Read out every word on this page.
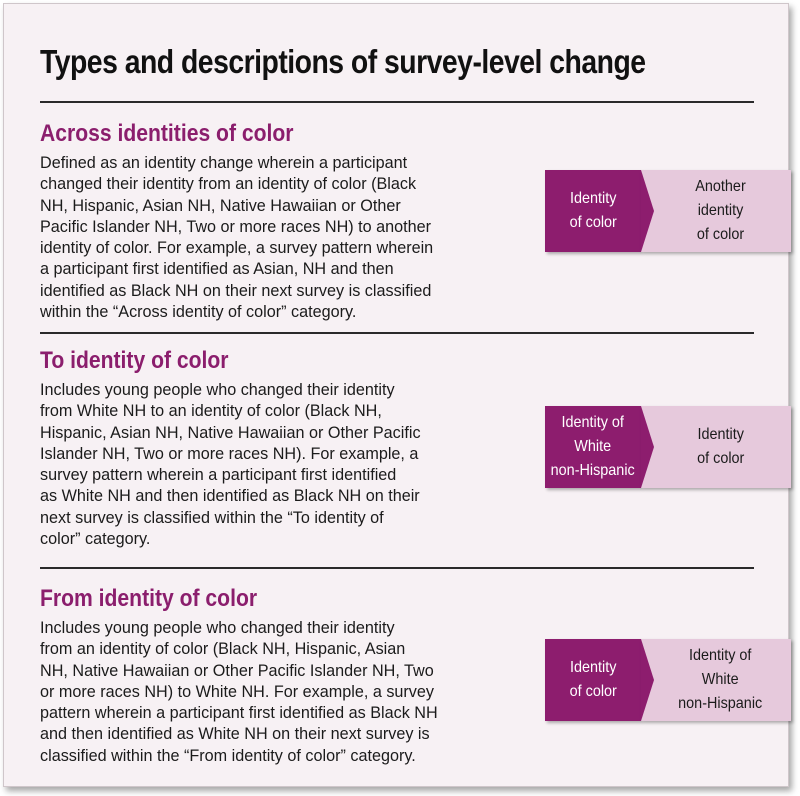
Types and descriptions of survey-level change
Across identities of color
Defined as an identity change wherein a participant
changed their identity from an identity of color (Black
NH, Hispanic, Asian NH, Native Hawaiian or Other
Pacific Islander NH, Two or more races NH) to another
identity of color. For example, a survey pattern wherein
a participant first identified as Asian, NH and then
identified as Black NH on their next survey is classified
within the “Across identity of color” category.
Identity
of color
Another
identity
of color
To identity of color
Includes young people who changed their identity
from White NH to an identity of color (Black NH,
Hispanic, Asian NH, Native Hawaiian or Other Pacific
Islander NH, Two or more races NH). For example, a
survey pattern wherein a participant first identified
as White NH and then identified as Black NH on their
next survey is classified within the “To identity of
color” category.
Identity of
White
non-Hispanic
Identity
of color
From identity of color
Includes young people who changed their identity
from an identity of color (Black NH, Hispanic, Asian
NH, Native Hawaiian or Other Pacific Islander NH, Two
or more races NH) to White NH. For example, a survey
pattern wherein a participant first identified as Black NH
and then identified as White NH on their next survey is
classified within the “From identity of color” category.
Identity
of color
Identity of
White
non-Hispanic
